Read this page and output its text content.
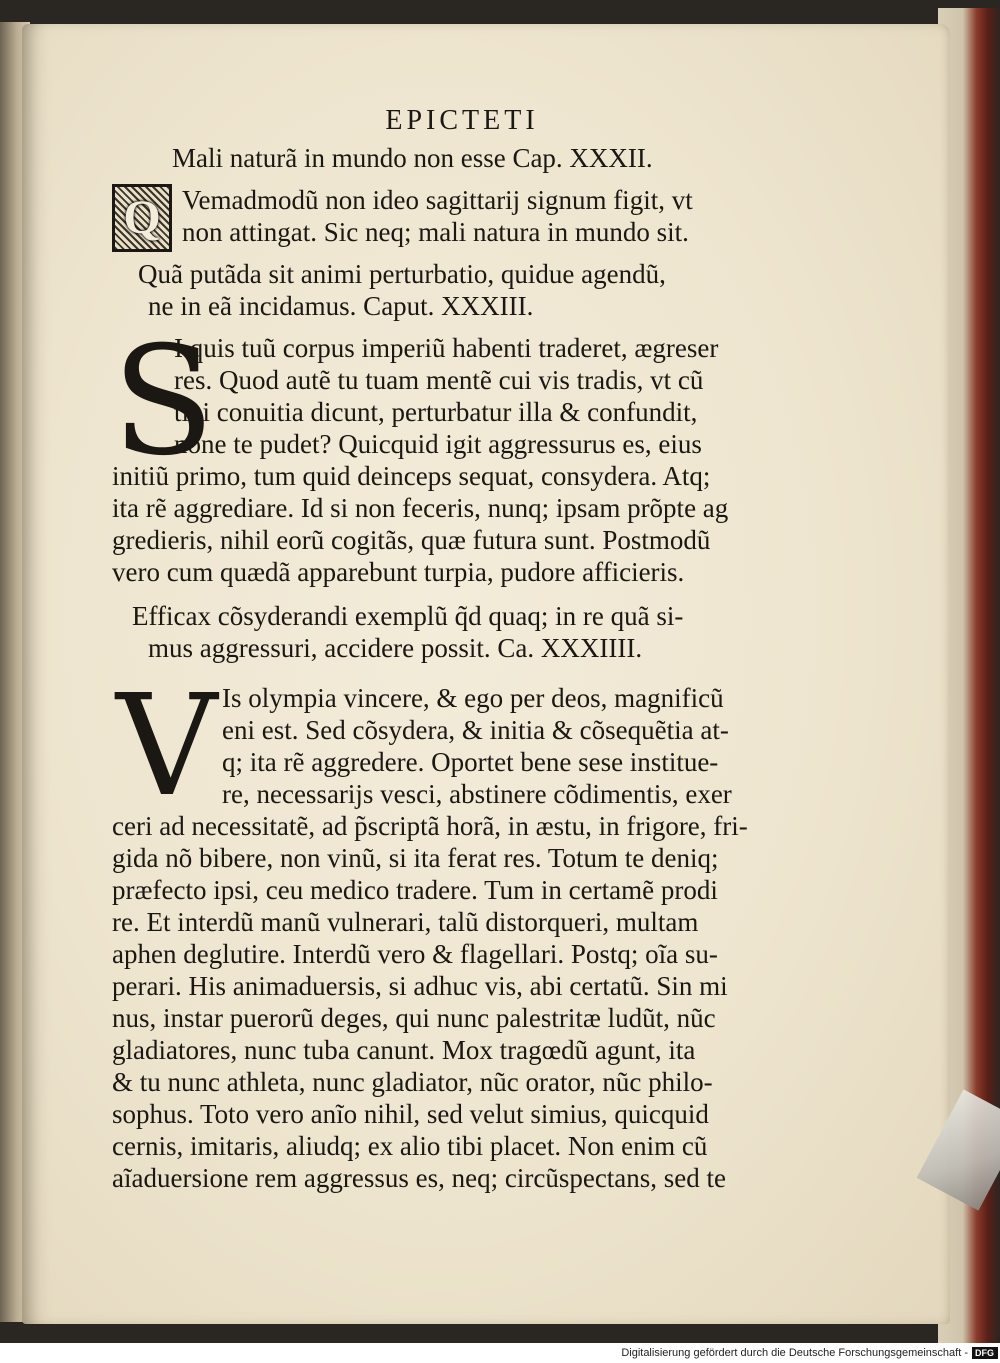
EPICTETI
Mali naturã in mundo non esse Cap. XXXII.
Q Vemadmodũ non ideo sagittarij signum figit, vt
non attingat. Sic neq; mali natura in mundo sit.
Quã putãda sit animi perturbatio, quidue agendũ,
ne in eã incidamus. Caput. XXXIII.
S
I quis tuũ corpus imperiũ habenti traderet, ægreser
res. Quod autẽ tu tuam mentẽ cui vis tradis, vt cũ
tibi conuitia dicunt, perturbatur illa & confundit,
nõne te pudet? Quicquid igit aggressurus es, eius
initiũ primo, tum quid deinceps sequat, consydera. Atq;
ita rẽ aggrediare. Id si non feceris, nunq; ipsam prõpte ag
gredieris, nihil eorũ cogitãs, quæ futura sunt. Postmodũ
vero cum quædã apparebunt turpia, pudore afficieris.
Efficax cõsyderandi exemplũ q̃d quaq; in re quã si-
mus aggressuri, accidere possit. Ca. XXXIIII.
V Is olympia vincere, & ego per deos, magnificũ
eni est. Sed cõsydera, & initia & cõsequẽtia at-
q; ita rẽ aggredere. Oportet bene sese institue-
re, necessarijs vesci, abstinere cõdimentis, exer
ceri ad necessitatẽ, ad p̃scriptã horã, in æstu, in frigore, fri-
gida nõ bibere, non vinũ, si ita ferat res. Totum te deniq;
præfecto ipsi, ceu medico tradere. Tum in certamẽ prodi
re. Et interdũ manũ vulnerari, talũ distorqueri, multam
aphen deglutire. Interdũ vero & flagellari. Postq; oĩa su-
perari. His animaduersis, si adhuc vis, abi certatũ. Sin mi
nus, instar puerorũ deges, qui nunc palestritæ ludũt, nũc
gladiatores, nunc tuba canunt. Mox tragœdũ agunt, ita
& tu nunc athleta, nunc gladiator, nũc orator, nũc philo-
sophus. Toto vero anĩo nihil, sed velut simius, quicquid
cernis, imitaris, aliudq; ex alio tibi placet. Non enim cũ
aĩaduersione rem aggressus es, neq; circũspectans, sed te
Digitalisierung gefördert durch die Deutsche Forschungsgemeinschaft - DFG
